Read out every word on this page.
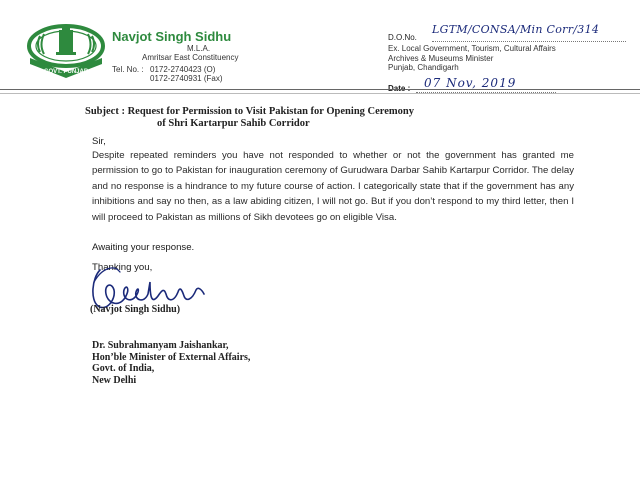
GOVT. PUNJAB
Navjot Singh Sidhu
M.L.A.
Amritsar East Constituency
Tel. No. : 0172-2740423 (O)
0172-2740931 (Fax)
D.O.No.
LGTM/CONSA/Min Corr/314
Ex. Local Government, Tourism, Cultural Affairs
Archives & Museums Minister
Punjab, Chandigarh
Date : 07 Nov, 2019
Subject : Request for Permission to Visit Pakistan for Opening Ceremony
of Shri Kartarpur Sahib Corridor
Sir,

Despite repeated reminders you have not responded to whether or not the government has granted me permission to go to Pakistan for inauguration ceremony of Gurudwara Darbar Sahib Kartarpur Corridor. The delay and no response is a hindrance to my future course of action. I categorically state that if the government has any inhibitions and say no then, as a law abiding citizen, I will not go. But if you don’t respond to my third letter, then I will proceed to Pakistan as millions of Sikh devotees go on eligible Visa.

Awaiting your response.
Thanking you,
(Navjot Singh Sidhu)
Dr. Subrahmanyam Jaishankar,
Hon’ble Minister of External Affairs,
Govt. of India,
New Delhi
